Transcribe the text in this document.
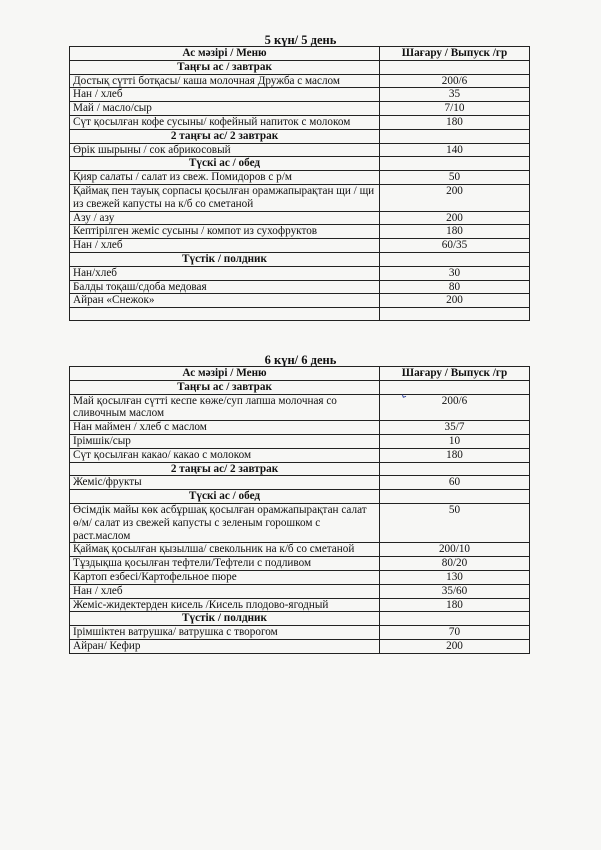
5 күн/ 5 день
Ас мәзірі / Меню	Шағару / Выпуск /гр
Таңғы ас / завтрак	
Достық сүтті ботқасы/ каша молочная Дружба с маслом	200/6
Нан / хлеб	35
Май / масло/сыр	7/10
Сүт қосылған кофе сусыны/ кофейный напиток с молоком	180
2 таңғы ас/ 2 завтрак	
Өрік шырыны / сок абрикосовый	140
Түскі ас / обед	
Қияр салаты / салат из свеж. Помидоров с р/м	50
Қаймақ пен тауық сорпасы қосылған орамжапырақтан щи / щи из свежей капусты на к/б со сметаной	200
Азу / азу	200
Кептірілген жеміс сусыны / компот из сухофруктов	180
Нан / хлеб	60/35
Түстік / полдник	
Нан/хлеб	30
Балды тоқаш/сдоба медовая	80
Айран «Снежок»	200

6 күн/ 6 день
Ас мәзірі / Меню	Шағару / Выпуск /гр
Таңғы ас / завтрак	
Май қосылған сүтті кеспе көже/суп лапша молочная со сливочным маслом	200/6
Нан маймен / хлеб с маслом	35/7
Ірімшік/сыр	10
Сүт қосылған какао/ какао с молоком	180
2 таңғы ас/ 2 завтрак	
Жеміс/фрукты	60
Түскі ас / обед	
Өсімдік майы көк асбұршақ қосылған орамжапырақтан салат ө/м/ салат из свежей капусты с зеленым горошком с раст.маслом	50
Қаймақ қосылған қызылша/ свекольник на к/б со сметаной	200/10
Тұздықша қосылған тефтели/Тефтели с подливом	80/20
Картоп езбесі/Картофельное пюре	130
Нан / хлеб	35/60
Жеміс-жидектерден кисель /Кисель плодово-ягодный	180
Түстік / полдник	
Ірімшіктен ватрушка/ ватрушка с творогом	70
Айран/ Кефир	200
⌄
